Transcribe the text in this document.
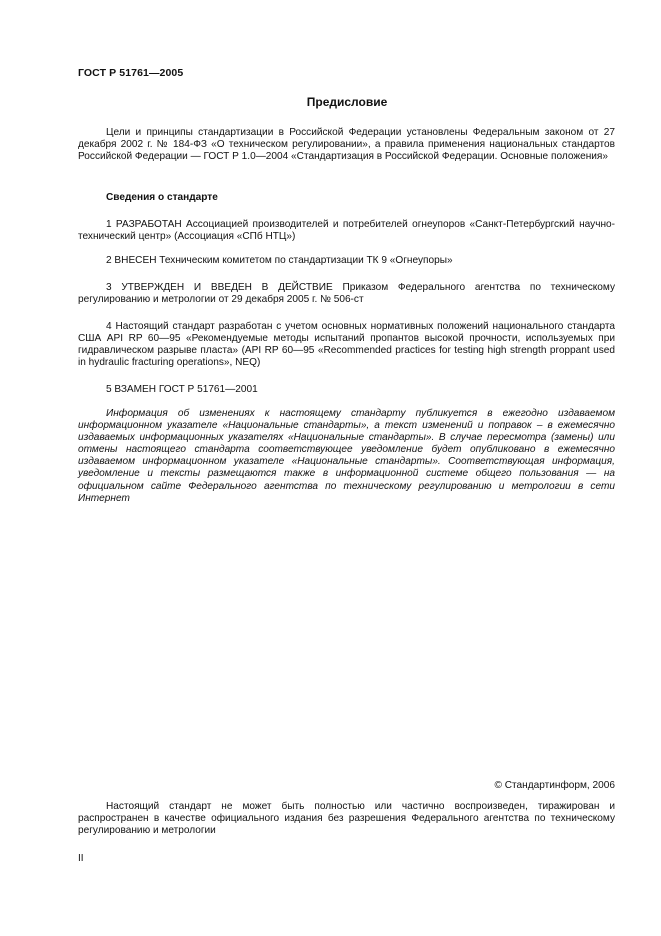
ГОСТ Р 51761—2005
Предисловие
Цели и принципы стандартизации в Российской Федерации установлены Федеральным законом от 27 декабря 2002 г. № 184-ФЗ «О техническом регулировании», а правила применения национальных стандартов Российской Федерации — ГОСТ Р 1.0—2004 «Стандартизация в Российской Федерации. Основные положения»
Сведения о стандарте
1 РАЗРАБОТАН Ассоциацией производителей и потребителей огнеупоров «Санкт-Петербургский научно-технический центр» (Ассоциация «СПб НТЦ»)
2 ВНЕСЕН Техническим комитетом по стандартизации ТК 9 «Огнеупоры»
3 УТВЕРЖДЕН И ВВЕДЕН В ДЕЙСТВИЕ Приказом Федерального агентства по техническому регулированию и метрологии от 29 декабря 2005 г. № 506-ст
4 Настоящий стандарт разработан с учетом основных нормативных положений национального стандарта США API RP 60—95 «Рекомендуемые методы испытаний пропантов высокой прочности, используемых при гидравлическом разрыве пласта» (API RP 60—95 «Recommended practices for testing high strength proppant used in hydraulic fracturing operations», NEQ)
5 ВЗАМЕН ГОСТ Р 51761—2001
Информация об изменениях к настоящему стандарту публикуется в ежегодно издаваемом информационном указателе «Национальные стандарты», а текст изменений и поправок – в ежемесячно издаваемых информационных указателях «Национальные стандарты». В случае пересмотра (замены) или отмены настоящего стандарта соответствующее уведомление будет опубликовано в ежемесячно издаваемом информационном указателе «Национальные стандарты». Соответствующая информация, уведомление и тексты размещаются также в информационной системе общего пользования — на официальном сайте Федерального агентства по техническому регулированию и метрологии в сети Интернет
© Стандартинформ, 2006
Настоящий стандарт не может быть полностью или частично воспроизведен, тиражирован и распространен в качестве официального издания без разрешения Федерального агентства по техническому регулированию и метрологии
II
